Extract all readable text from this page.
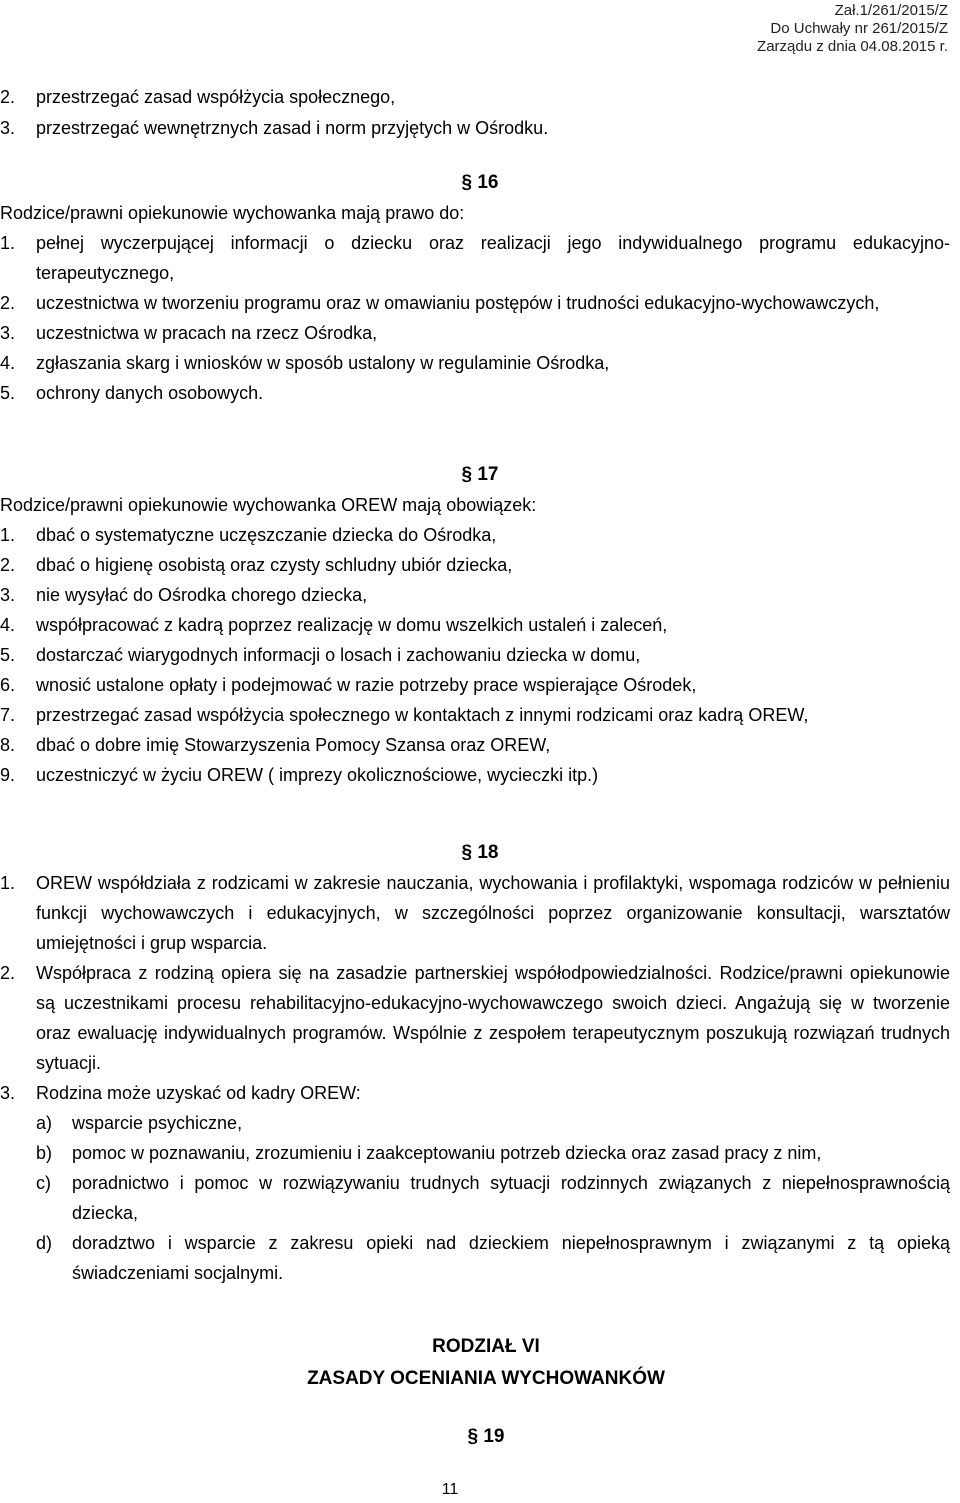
Zał.1/261/2015/Z
Do Uchwały nr 261/2015/Z
Zarządu z dnia 04.08.2015 r.
2.	przestrzegać zasad współżycia społecznego,
3.	przestrzegać wewnętrznych zasad i norm przyjętych w Ośrodku.
§ 16
Rodzice/prawni opiekunowie wychowanka mają prawo do:
1.	pełnej wyczerpującej informacji o dziecku oraz realizacji jego indywidualnego programu edukacyjno-terapeutycznego,
2.	uczestnictwa w tworzeniu programu oraz w omawianiu postępów i trudności edukacyjno-wychowawczych,
3.	uczestnictwa w pracach na rzecz Ośrodka,
4.	zgłaszania skarg i wniosków w sposób ustalony w regulaminie Ośrodka,
5.	ochrony danych osobowych.
§ 17
Rodzice/prawni opiekunowie wychowanka OREW mają obowiązek:
1.	dbać o systematyczne uczęszczanie dziecka do Ośrodka,
2.	dbać o higienę osobistą oraz czysty schludny ubiór dziecka,
3.	nie wysyłać do Ośrodka chorego dziecka,
4.	współpracować z kadrą poprzez realizację w domu wszelkich ustaleń i zaleceń,
5.	dostarczać wiarygodnych informacji o losach i zachowaniu dziecka w domu,
6.	wnosić ustalone opłaty i podejmować w razie potrzeby prace wspierające Ośrodek,
7.	przestrzegać zasad współżycia społecznego w kontaktach z innymi rodzicami oraz kadrą OREW,
8.	dbać o dobre imię Stowarzyszenia Pomocy Szansa oraz OREW,
9.	uczestniczyć w życiu OREW ( imprezy okolicznościowe, wycieczki itp.)
§ 18
1.	OREW współdziała z rodzicami w zakresie nauczania, wychowania i profilaktyki, wspomaga rodziców w pełnieniu funkcji wychowawczych i edukacyjnych, w szczególności poprzez organizowanie konsultacji, warsztatów umiejętności i grup wsparcia.
2.	Współpraca z rodziną opiera się na zasadzie partnerskiej współodpowiedzialności. Rodzice/prawni opiekunowie są uczestnikami procesu rehabilitacyjno-edukacyjno-wychowawczego swoich dzieci. Angażują się w tworzenie oraz ewaluację indywidualnych programów. Wspólnie z zespołem terapeutycznym poszukują rozwiązań trudnych sytuacji.
3.	Rodzina może uzyskać od kadry OREW:
a) wsparcie psychiczne,
b) pomoc w poznawaniu, zrozumieniu i zaakceptowaniu potrzeb dziecka oraz zasad pracy z nim,
c) poradnictwo i pomoc w rozwiązywaniu trudnych sytuacji rodzinnych związanych z niepełnosprawnością dziecka,
d) doradztwo i wsparcie z zakresu opieki nad dzieckiem niepełnosprawnym i związanymi z tą opieką świadczeniami socjalnymi.
RODZIAŁ VI
ZASADY OCENIANIA WYCHOWANKÓW
§ 19
11
